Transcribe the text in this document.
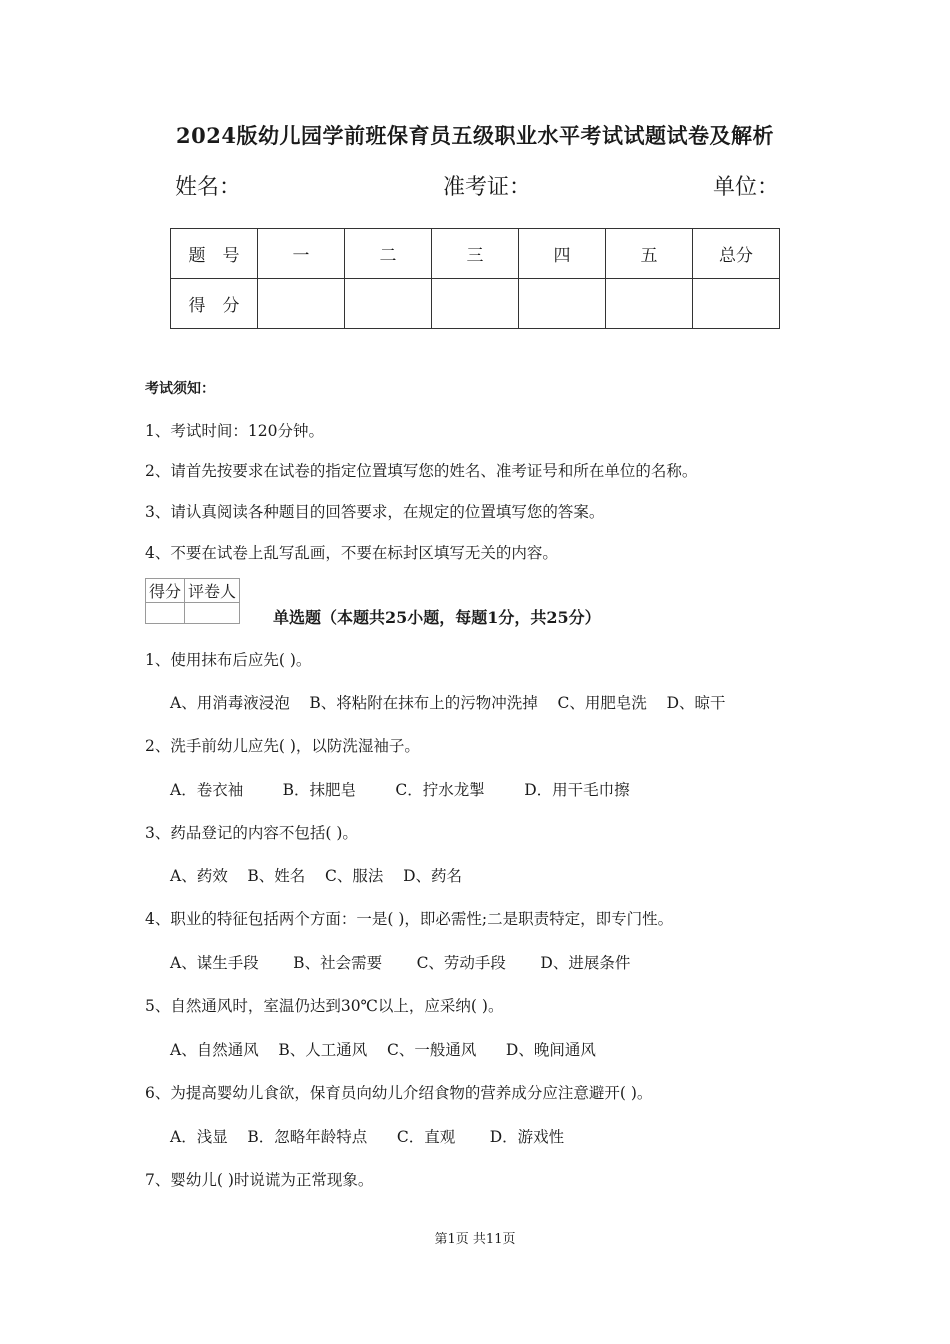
2024版幼儿园学前班保育员五级职业水平考试试题试卷及解析
姓名：	准考证：	单位：
题　号	一	二	三	四	五	总分
得　分						
考试须知：
1、考试时间：120分钟。
2、请首先按要求在试卷的指定位置填写您的姓名、准考证号和所在单位的名称。
3、请认真阅读各种题目的回答要求，在规定的位置填写您的答案。
4、不要在试卷上乱写乱画，不要在标封区填写无关的内容。
得分	评卷人

单选题（本题共25小题，每题1分，共25分）
1、使用抹布后应先( )。
A、用消毒液浸泡    B、将粘附在抹布上的污物冲洗掉    C、用肥皂洗    D、晾干
2、洗手前幼儿应先( )，以防洗湿袖子。
A．卷衣袖        B．抹肥皂        C．拧水龙掣        D．用干毛巾擦
3、药品登记的内容不包括( )。
A、药效    B、姓名    C、服法    D、药名
4、职业的特征包括两个方面：一是( )，即必需性;二是职责特定，即专门性。
A、谋生手段       B、社会需要       C、劳动手段       D、进展条件
5、自然通风时，室温仍达到30℃以上，应采纳( )。
A、自然通风    B、人工通风    C、一般通风      D、晚间通风
6、为提高婴幼儿食欲，保育员向幼儿介绍食物的营养成分应注意避开( )。
A．浅显    B．忽略年龄特点      C．直观       D．游戏性
7、婴幼儿( )时说谎为正常现象。
第1页 共11页
